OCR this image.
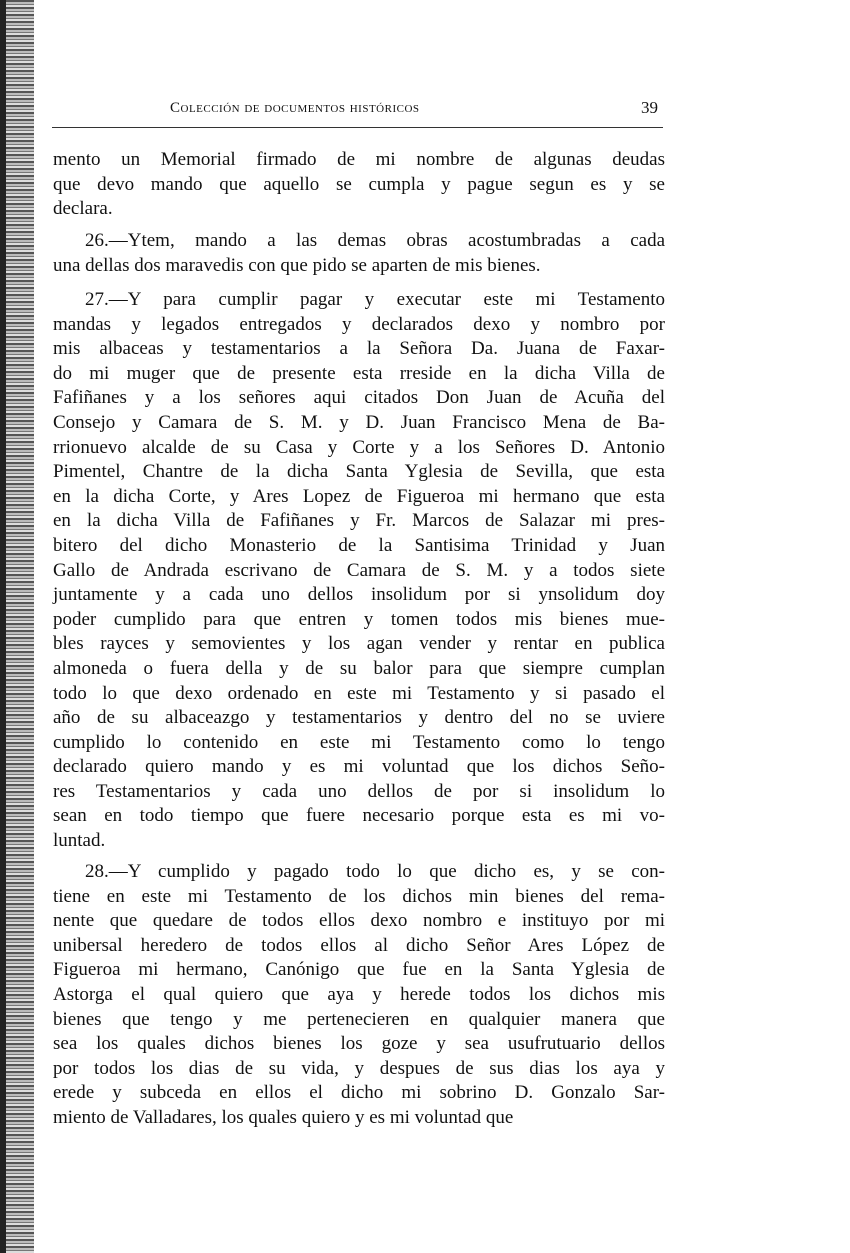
Colección de documentos históricos	39
mento un Memorial firmado de mi nombre de algunas deudas
que devo mando que aquello se cumpla y pague segun es y se
declara.
26.—Ytem, mando a las demas obras acostumbradas a cada
una dellas dos maravedis con que pido se aparten de mis bienes.
27.—Y para cumplir pagar y executar este mi Testamento
mandas y legados entregados y declarados dexo y nombro por
mis albaceas y testamentarios a la Señora Da. Juana de Faxar-
do mi muger que de presente esta rreside en la dicha Villa de
Fafiñanes y a los señores aqui citados Don Juan de Acuña del
Consejo y Camara de S. M. y D. Juan Francisco Mena de Ba-
rrionuevo alcalde de su Casa y Corte y a los Señores D. Antonio
Pimentel, Chantre de la dicha Santa Yglesia de Sevilla, que esta
en la dicha Corte, y Ares Lopez de Figueroa mi hermano que esta
en la dicha Villa de Fafiñanes y Fr. Marcos de Salazar mi pres-
bitero del dicho Monasterio de la Santisima Trinidad y Juan
Gallo de Andrada escrivano de Camara de S. M. y a todos siete
juntamente y a cada uno dellos insolidum por si ynsolidum doy
poder cumplido para que entren y tomen todos mis bienes mue-
bles rayces y semovientes y los agan vender y rentar en publica
almoneda o fuera della y de su balor para que siempre cumplan
todo lo que dexo ordenado en este mi Testamento y si pasado el
año de su albaceazgo y testamentarios y dentro del no se uviere
cumplido lo contenido en este mi Testamento como lo tengo
declarado quiero mando y es mi voluntad que los dichos Seño-
res Testamentarios y cada uno dellos de por si insolidum lo
sean en todo tiempo que fuere necesario porque esta es mi vo-
luntad.
28.—Y cumplido y pagado todo lo que dicho es, y se con-
tiene en este mi Testamento de los dichos min bienes del rema-
nente que quedare de todos ellos dexo nombro e instituyo por mi
unibersal heredero de todos ellos al dicho Señor Ares López de
Figueroa mi hermano, Canónigo que fue en la Santa Yglesia de
Astorga el qual quiero que aya y herede todos los dichos mis
bienes que tengo y me pertenecieren en qualquier manera que
sea los quales dichos bienes los goze y sea usufrutuario dellos
por todos los dias de su vida, y despues de sus dias los aya y
erede y subceda en ellos el dicho mi sobrino D. Gonzalo Sar-
miento de Valladares, los quales quiero y es mi voluntad que
